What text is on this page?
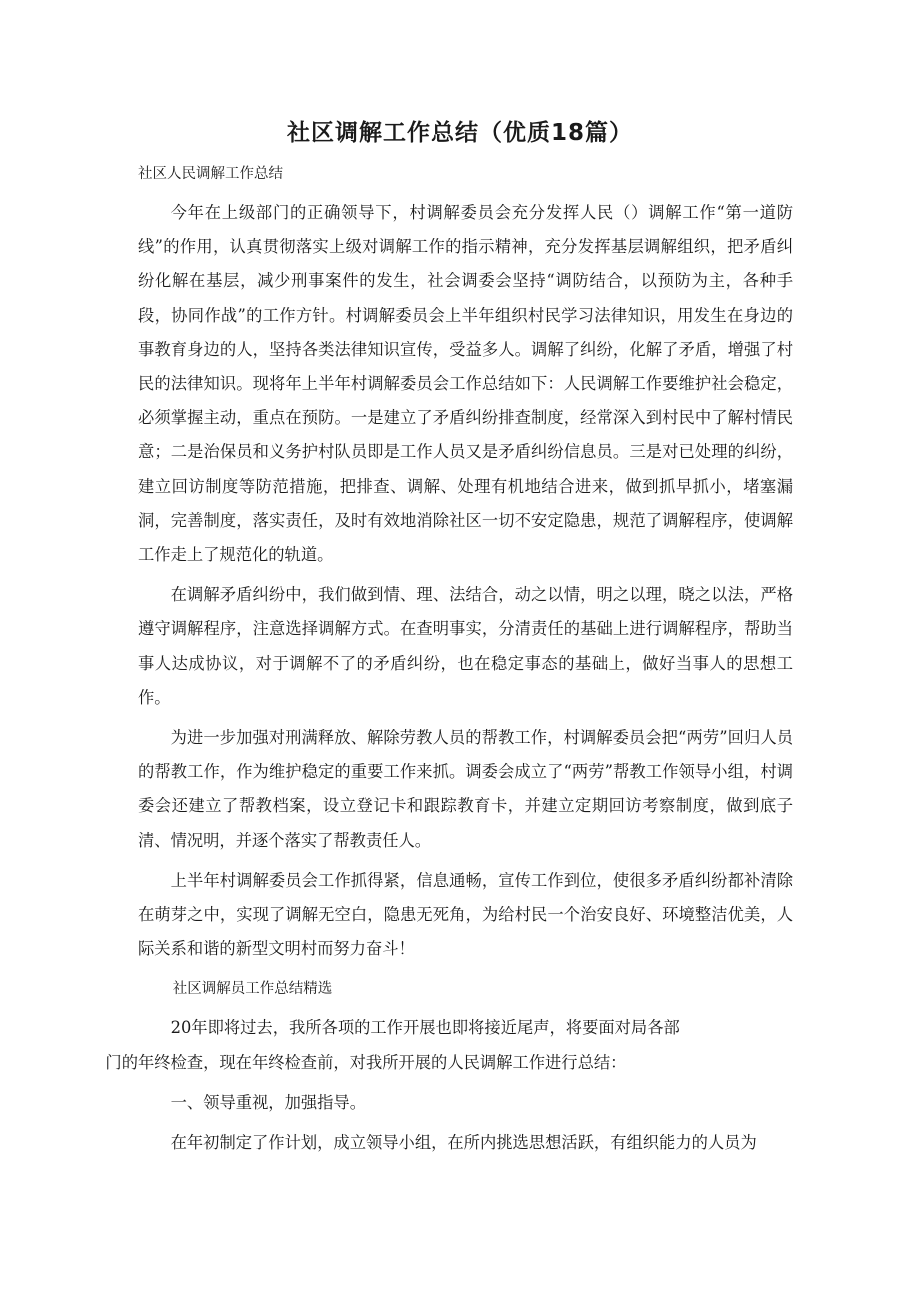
社区调解工作总结（优质18篇）

社区人民调解工作总结

今年在上级部门的正确领导下，村调解委员会充分发挥人民（）调解工作“第一道防线”的作用，认真贯彻落实上级对调解工作的指示精神，充分发挥基层调解组织，把矛盾纠纷化解在基层，减少刑事案件的发生，社会调委会坚持“调防结合，以预防为主，各种手段，协同作战”的工作方针。村调解委员会上半年组织村民学习法律知识，用发生在身边的事教育身边的人，坚持各类法律知识宣传，受益多人。调解了纠纷，化解了矛盾，增强了村民的法律知识。现将年上半年村调解委员会工作总结如下：人民调解工作要维护社会稳定，必须掌握主动，重点在预防。一是建立了矛盾纠纷排查制度，经常深入到村民中了解村情民意；二是治保员和义务护村队员即是工作人员又是矛盾纠纷信息员。三是对已处理的纠纷，建立回访制度等防范措施，把排查、调解、处理有机地结合进来，做到抓早抓小，堵塞漏洞，完善制度，落实责任，及时有效地消除社区一切不安定隐患，规范了调解程序，使调解工作走上了规范化的轨道。

在调解矛盾纠纷中，我们做到情、理、法结合，动之以情，明之以理，晓之以法，严格遵守调解程序，注意选择调解方式。在查明事实，分清责任的基础上进行调解程序，帮助当事人达成协议，对于调解不了的矛盾纠纷，也在稳定事态的基础上，做好当事人的思想工作。

为进一步加强对刑满释放、解除劳教人员的帮教工作，村调解委员会把“两劳”回归人员的帮教工作，作为维护稳定的重要工作来抓。调委会成立了“两劳”帮教工作领导小组，村调委会还建立了帮教档案，设立登记卡和跟踪教育卡，并建立定期回访考察制度，做到底子清、情况明，并逐个落实了帮教责任人。

上半年村调解委员会工作抓得紧，信息通畅，宣传工作到位，使很多矛盾纠纷都补清除在萌芽之中，实现了调解无空白，隐患无死角，为给村民一个治安良好、环境整洁优美，人际关系和谐的新型文明村而努力奋斗！

社区调解员工作总结精选

20年即将过去，我所各项的工作开展也即将接近尾声，将要面对局各部
门的年终检查，现在年终检查前，对我所开展的人民调解工作进行总结：

一、领导重视，加强指导。

在年初制定了作计划，成立领导小组，在所内挑选思想活跃，有组织能力的人员为
